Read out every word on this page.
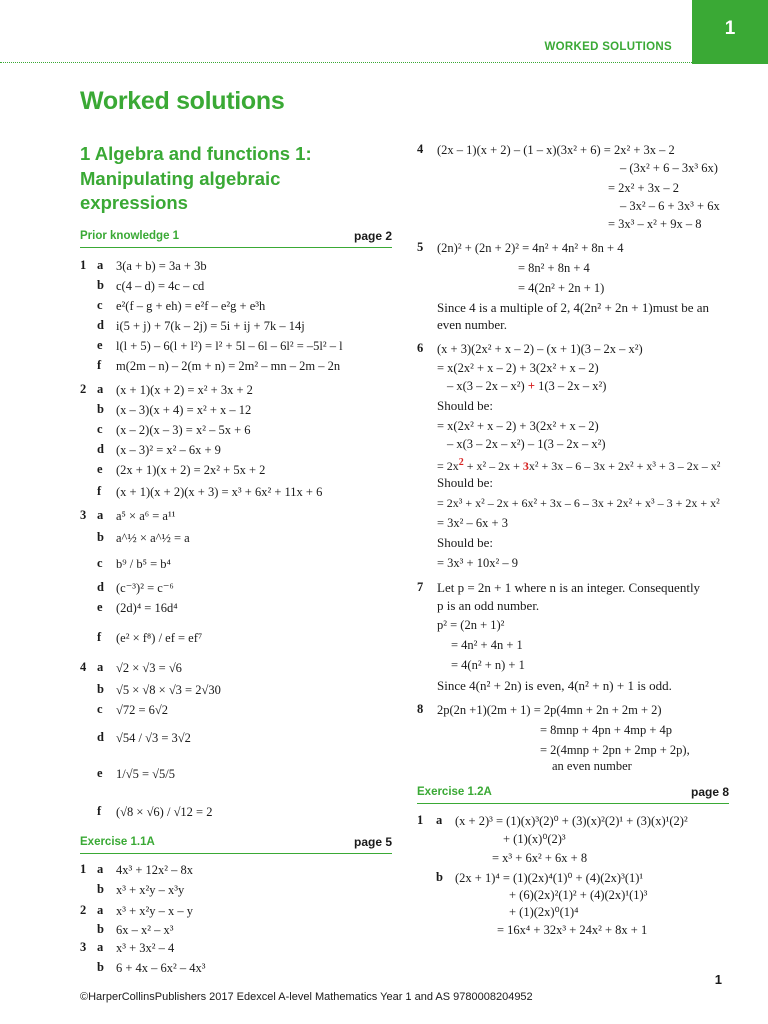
WORKED SOLUTIONS
1
Worked solutions
1 Algebra and functions 1:
Manipulating algebraic
expressions
Prior knowledge 1	page 2
1 a 3(a + b) = 3a + 3b
b c(4 – d) = 4c – cd
c e²(f – g + eh) = e²f – e²g + e³h
d i(5 + j) + 7(k – 2j) = 5i + ij + 7k – 14j
e l(l + 5) – 6(l + l²) = l² + 5l – 6l – 6l² = –5l² – l
f m(2m – n) – 2(m + n) = 2m² – mn – 2m – 2n
2 a (x + 1)(x + 2) = x² + 3x + 2
b (x – 3)(x + 4) = x² + x – 12
c (x – 2)(x – 3) = x² – 5x + 6
d (x – 3)² = x² – 6x + 9
e (2x + 1)(x + 2) = 2x² + 5x + 2
f (x + 1)(x + 2)(x + 3) = x³ + 6x² + 11x + 6
3 a a⁵ × a⁶ = a¹¹
b a^½ × a^½ = a
c b⁹ / b⁵ = b⁴
d (c⁻³)² = c⁻⁶
e (2d)⁴ = 16d⁴
f (e² × f⁸) / ef = ef⁷
4 a √2 × √3 = √6
b √5 × √8 × √3 = 2√30
c √72 = 6√2
d √54 / √3 = 3√2
e 1/√5 = √5/5
f (√8 × √6) / √12 = 2
Exercise 1.1A	page 5
1 a 4x³ + 12x² – 8x
b x³ + x²y – x³y
2 a x³ + x²y – x – y
b 6x – x² – x³
3 a x³ + 3x² – 4
b 6 + 4x – 6x² – 4x³
4 (2x – 1)(x + 2) – (1 – x)(3x² + 6) = 2x² + 3x – 2
– (3x² + 6 – 3x³ 6x)
= 2x² + 3x – 2
– 3x² – 6 + 3x³ + 6x
= 3x³ – x² + 9x – 8
5 (2n)² + (2n + 2)² = 4n² + 4n² + 8n + 4
= 8n² + 8n + 4
= 4(2n² + 2n + 1)
Since 4 is a multiple of 2, 4(2n² + 2n + 1)must be an
even number.
6 (x + 3)(2x² + x – 2) – (x + 1)(3 – 2x – x²)
= x(2x² + x – 2) + 3(2x² + x – 2)
– x(3 – 2x – x²) + 1(3 – 2x – x²)
Should be:
= x(2x² + x – 2) + 3(2x² + x – 2)
– x(3 – 2x – x²) – 1(3 – 2x – x²)
= $2x^2 + x^2 - 2x + 3x^2 + 3x - 6 - 3x + 2x^2 + x^3 + 3 - 2x - x^2$
Should be:
= 2x³ + x² – 2x + 6x² + 3x – 6 – 3x + 2x² + x³ – 3 + 2x + x²
= 3x² – 6x + 3
Should be:
= 3x³ + 10x² – 9
7 Let p = 2n + 1 where n is an integer. Consequently
p is an odd number.
p² = (2n + 1)²
= 4n² + 4n + 1
= 4(n² + n) + 1
Since 4(n² + 2n) is even, 4(n² + n) + 1 is odd.
8 2p(2n +1)(2m + 1) = 2p(4mn + 2n + 2m + 2)
= 8mnp + 4pn + 4mp + 4p
= 2(4mnp + 2pn + 2mp + 2p),
an even number
Exercise 1.2A	page 8
1 a (x + 2)³ = (1)(x)³(2)⁰ + (3)(x)²(2)¹ + (3)(x)¹(2)²
+ (1)(x)⁰(2)³
= x³ + 6x² + 6x + 8
b (2x + 1)⁴ = (1)(2x)⁴(1)⁰ + (4)(2x)³(1)¹
+ (6)(2x)²(1)² + (4)(2x)¹(1)³
+ (1)(2x)⁰(1)⁴
= 16x⁴ + 32x³ + 24x² + 8x + 1
1
©HarperCollinsPublishers 2017 Edexcel A-level Mathematics Year 1 and AS 9780008204952
